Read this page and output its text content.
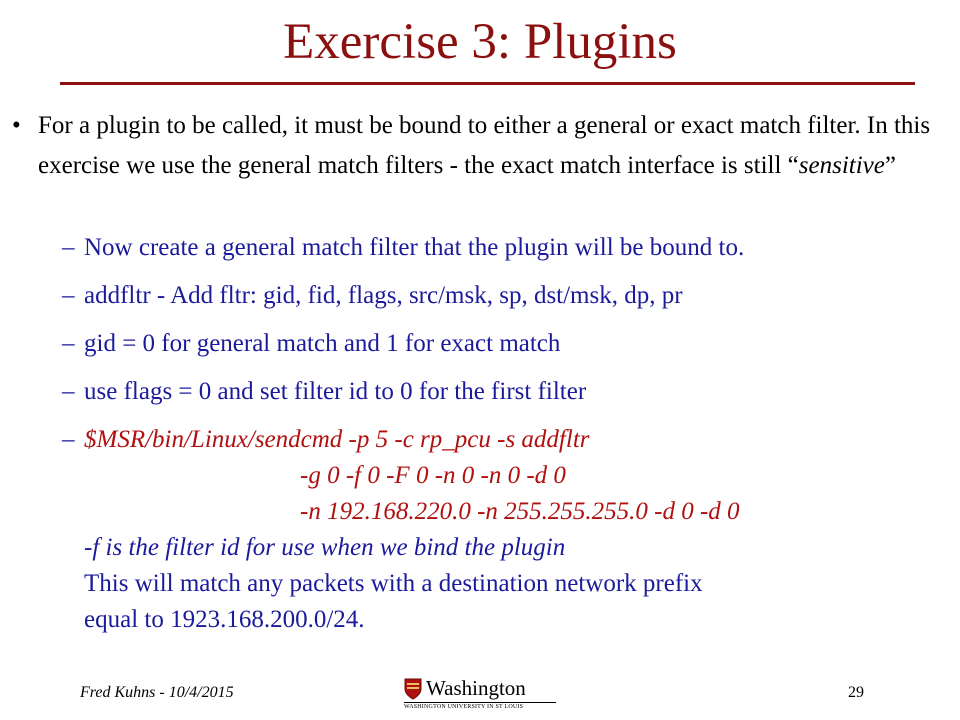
Exercise 3: Plugins
• For a plugin to be called, it must be bound to either a general or exact match filter. In this exercise we use the general match filters - the exact match interface is still “sensitive”
– Now create a general match filter that the plugin will be bound to.
– addfltr - Add fltr: gid, fid, flags, src/msk, sp, dst/msk, dp, pr
– gid = 0 for general match and 1 for exact match
– use flags = 0 and set filter id to 0 for the first filter
– $MSR/bin/Linux/sendcmd -p 5 -c rp_pcu -s addfltr
-g 0 -f 0 -F 0 -n 0 -n 0 -d 0
-n 192.168.220.0 -n 255.255.255.0 -d 0 -d 0
-f is the filter id for use when we bind the plugin
This will match any packets with a destination network prefix
equal to 1923.168.200.0/24.
Fred Kuhns - 10/4/2015	Washington
WASHINGTON UNIVERSITY IN ST LOUIS
29
